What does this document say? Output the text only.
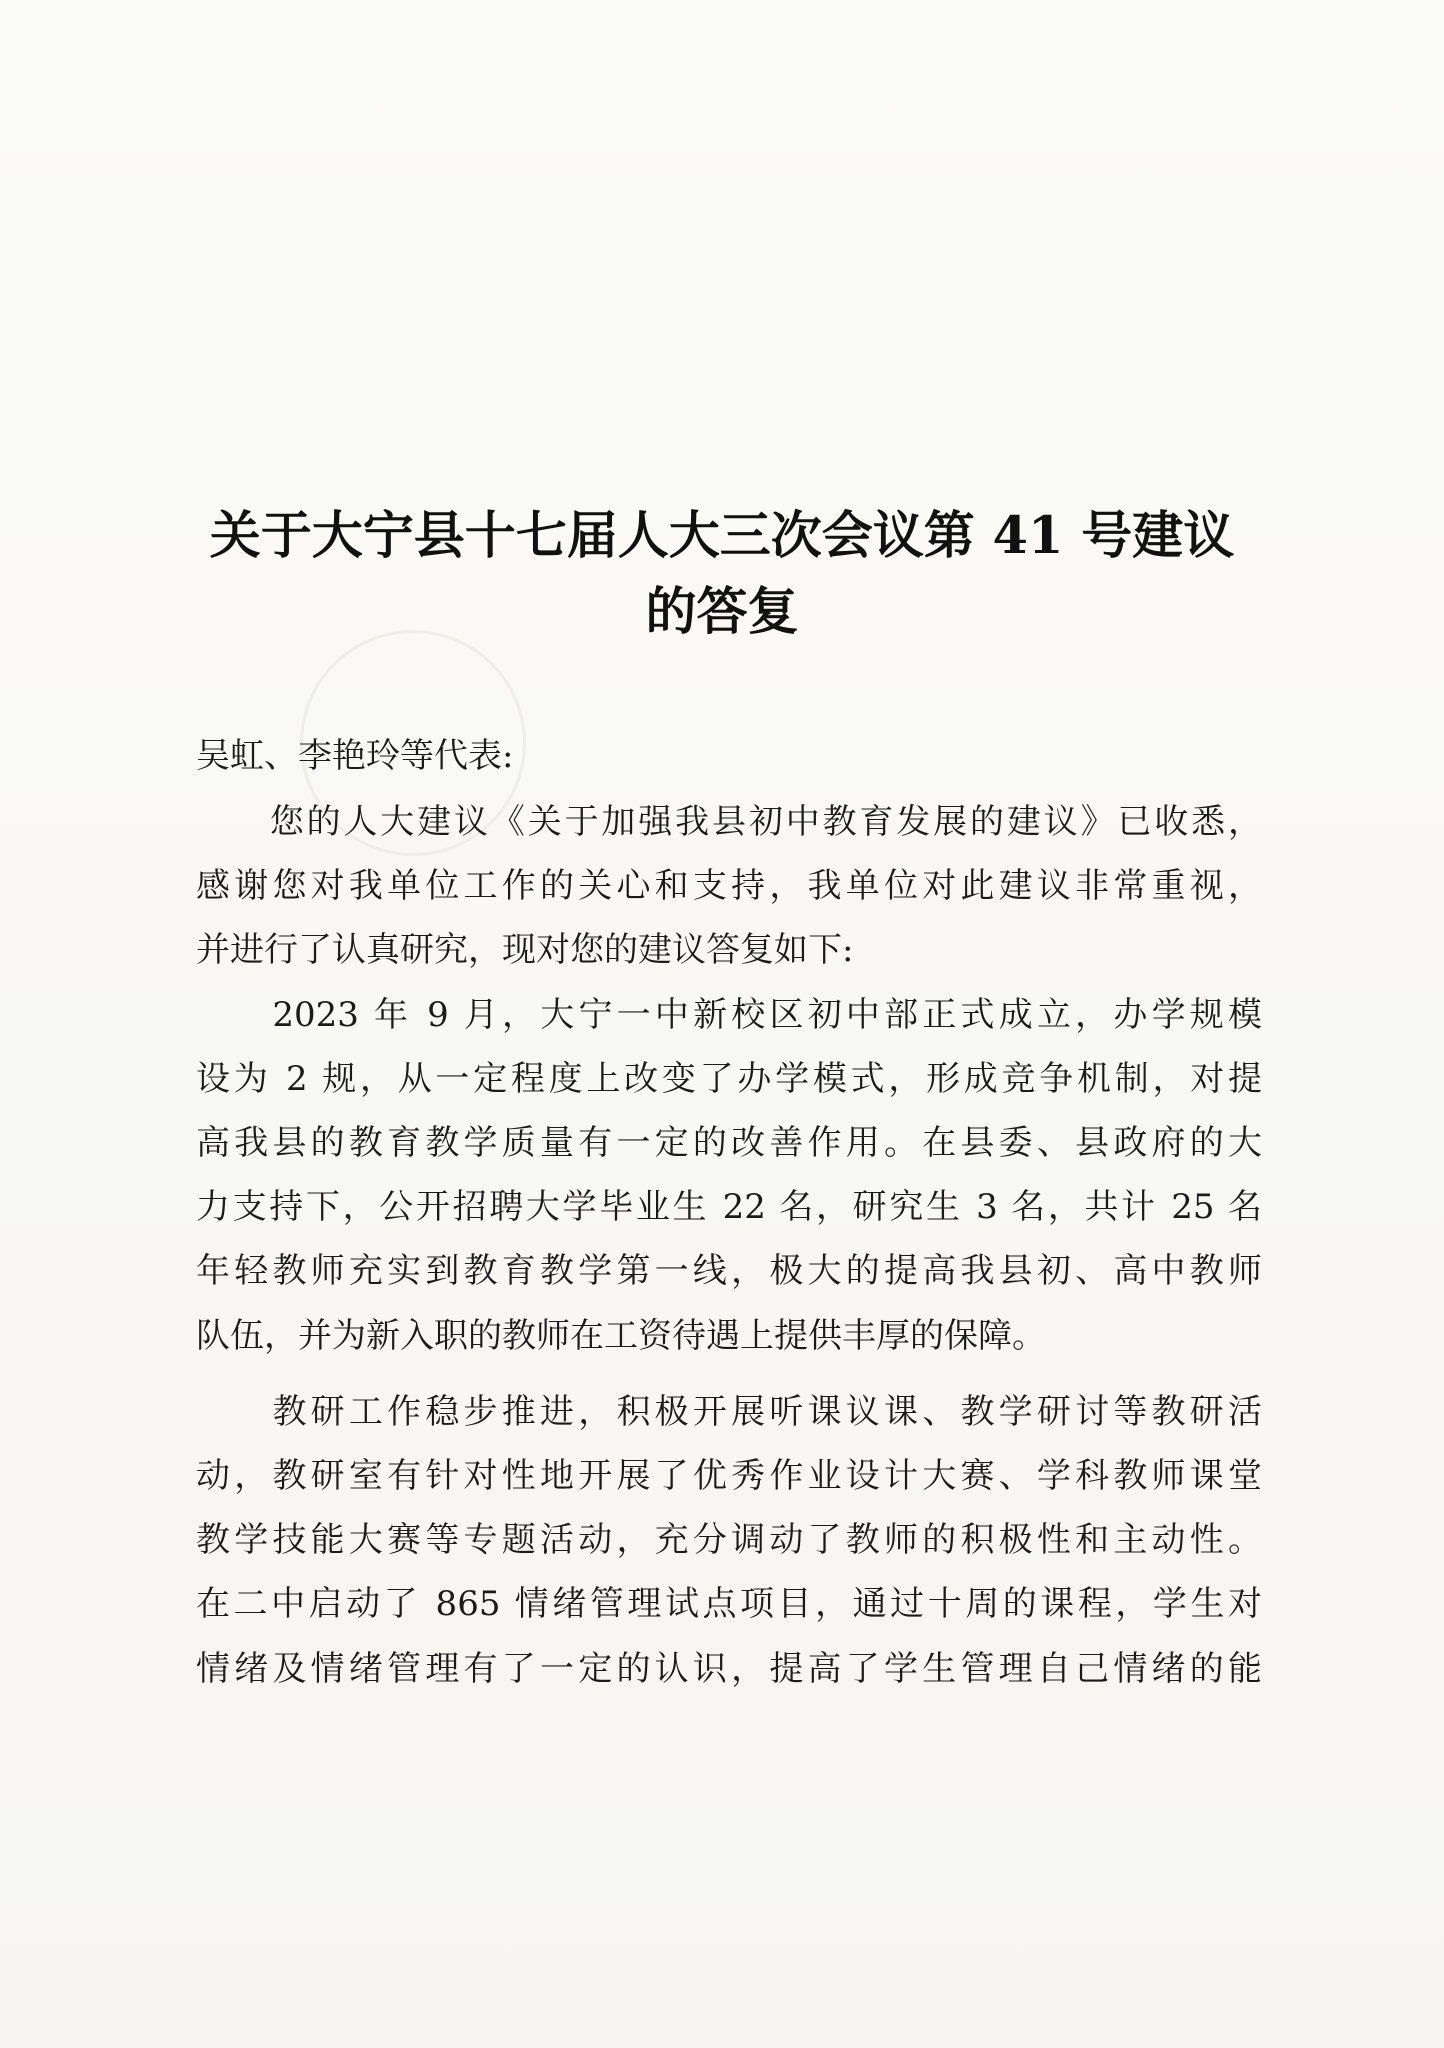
关于大宁县十七届人大三次会议第 41 号建议
的答复
吴虹、李艳玲等代表:
　　您的人大建议《关于加强我县初中教育发展的建议》已收悉，
感谢您对我单位工作的关心和支持，我单位对此建议非常重视，
并进行了认真研究，现对您的建议答复如下:
　　2023 年 9 月，大宁一中新校区初中部正式成立，办学规模
设为 2 规，从一定程度上改变了办学模式，形成竞争机制，对提
高我县的教育教学质量有一定的改善作用。在县委、县政府的大
力支持下，公开招聘大学毕业生 22 名，研究生 3 名，共计 25 名
年轻教师充实到教育教学第一线，极大的提高我县初、高中教师
队伍，并为新入职的教师在工资待遇上提供丰厚的保障。
　　教研工作稳步推进，积极开展听课议课、教学研讨等教研活
动，教研室有针对性地开展了优秀作业设计大赛、学科教师课堂
教学技能大赛等专题活动，充分调动了教师的积极性和主动性。
在二中启动了 865 情绪管理试点项目，通过十周的课程，学生对
情绪及情绪管理有了一定的认识，提高了学生管理自己情绪的能
